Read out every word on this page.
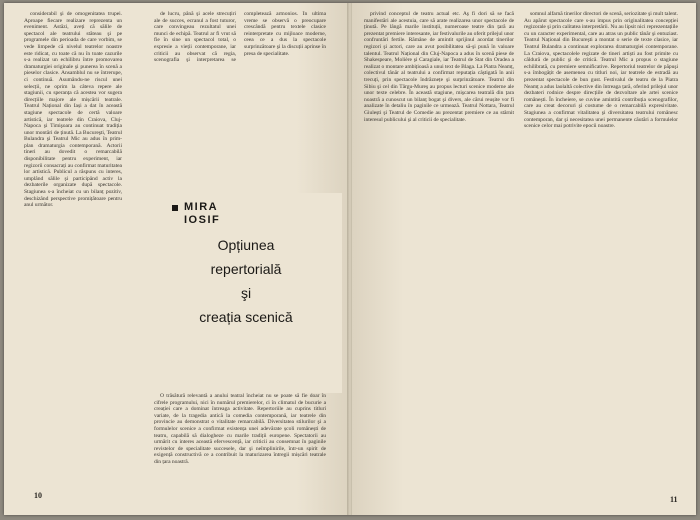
considerabil şi de omogenitatea trupei. Aproape fiecare realizare reprezenta un eveniment. Astăzi, aveți că sălile de spectacol ale teatrului stăteau şi pe programele din perioada de care vorbim, se vede limpede că nivelul teatrelor noastre este ridicat, cu toate că nu în toate cazurile s-a realizat un echilibru între promovarea dramaturgiei originale şi punerea în scenă a pieselor clasice. Ansamblul nu se întrerupe, ci continuă. Asumându-ne riscul unei selecții, ne oprim la câteva repere ale stagiunii, cu speranța că acestea vor sugera direcțiile majore ale mișcării teatrale. Teatrul Național din Iași a dat în această stagiune spectacole de certă valoare artistică, iar teatrele din Craiova, Cluj-Napoca şi Timişoara au continuat tradiția unor montări de ținută. La Bucureşti, Teatrul Bulandra şi Teatrul Mic au adus în prim-plan dramaturgia contemporană. Actorii tineri au dovedit o remarcabilă disponibilitate pentru experiment, iar regizorii consacrați au confirmat maturitatea lor artistică. Publicul a răspuns cu interes, umplând sălile şi participând activ la dezbaterile organizate după spectacole. Stagiunea s-a încheiat cu un bilanț pozitiv, deschizând perspective promițătoare pentru anul următor.

de lucru, până şi acele strecuțiri ale de succes, ecranul a fost tuturor, care convingeau rezultatul unei munci de echipă. Teatrul ar fi vrut să fie în sine un spectacol total, o expresie a vieții contemporane, iar criticii au observat că regia, scenografia şi interpretarea se completează armonios. În ultima vreme se observă o preocupare crescândă pentru textele clasice reinterpretate cu mijloace moderne, ceea ce a dus la spectacole surprinzătoare şi la discuții aprinse în presa de specialitate.

O trăsătură relevantă a anului teatral încheiat nu se poate să fie doar în cifrele programului, nici în numărul premierelor, ci în climatul de bucurie a creației care a dominat întreaga activitate. Repertoriile au cuprins titluri variate, de la tragedia antică la comedia contemporană, iar teatrele din provincie au demonstrat o vitalitate remarcabilă. Diversitatea stilurilor şi a formulelor scenice a confirmat existența unei adevărate școli românești de teatru, capabilă să dialogheze cu marile tradiții europene. Spectatorii au urmărit cu interes această efervescență, iar criticii au consemnat în paginile revistelor de specialitate succesele, dar şi neîmplinirile, într-un spirit de exigență constructivă ce a contribuit la maturizarea întregii mișcări teatrale din țara noastră.

MIRA
IOSIF
Opțiunea
repertorială
şi
creația scenică
10

privind conceptul de teatru actual etc. Aş fi dori să se facă manifestări ale acestuia, care să arate realizarea unor spectacole de ținută. Pe lângă marile instituții, numeroase teatre din țară au prezentat premiere interesante, iar festivalurile au oferit prilejul unor confruntări fertile. Rămâne de amintit sprijinul acordat tinerilor regizori şi actori, care au avut posibilitatea să-şi pună în valoare talentul. Teatrul Național din Cluj-Napoca a adus în scenă piese de Shakespeare, Molière şi Caragiale, iar Teatrul de Stat din Oradea a realizat o montare ambițioasă a unui text de Blaga. La Piatra Neamț, colectivul tânăr al teatrului a confirmat reputația câștigată în anii trecuți, prin spectacole îndrăznețe şi surprinzătoare. Teatrul din Sibiu şi cel din Târgu-Mureş au propus lecturi scenice moderne ale unor texte celebre. În această stagiune, mişcarea teatrală din țara noastră a cunoscut un bilanț bogat şi divers, ale cărui reușite vor fi analizate în detaliu în paginile ce urmează. Teatrul Nottara, Teatrul Giulești şi Teatrul de Comedie au prezentat premiere ce au stârnit interesul publicului şi al criticii de specialitate.

somnul alfarnă tinerilor directori de scenă, seriozitate şi mult talent. Au apărut spectacole care s-au impus prin originalitatea concepției regizorale şi prin calitatea interpretării. Nu au lipsit nici reprezentațiile cu un caracter experimental, care au atras un public tânăr şi entuziast. Teatrul Național din Bucureşti a montat o serie de texte clasice, iar Teatrul Bulandra a continuat explorarea dramaturgiei contemporane. La Craiova, spectacolele regizate de tineri artiști au fost primite cu căldură de public şi de critică. Teatrul Mic a propus o stagiune echilibrată, cu premiere semnificative. Repertoriul teatrelor de păpuşi s-a îmbogățit de asemenea cu titluri noi, iar teatrele de estradă au prezentat spectacole de bun gust. Festivalul de teatru de la Piatra Neamț a adus laolaltă colective din întreaga țară, oferind prilejul unor dezbateri rodnice despre direcțiile de dezvoltare ale artei scenice românești. În încheiere, se cuvine amintită contribuția scenografilor, care au creat decoruri şi costume de o remarcabilă expresivitate. Stagiunea a confirmat vitalitatea şi diversitatea teatrului românesc contemporan, dar şi necesitatea unei permanente căutări a formulelor scenice celor mai potrivite epocii noastre.

11
